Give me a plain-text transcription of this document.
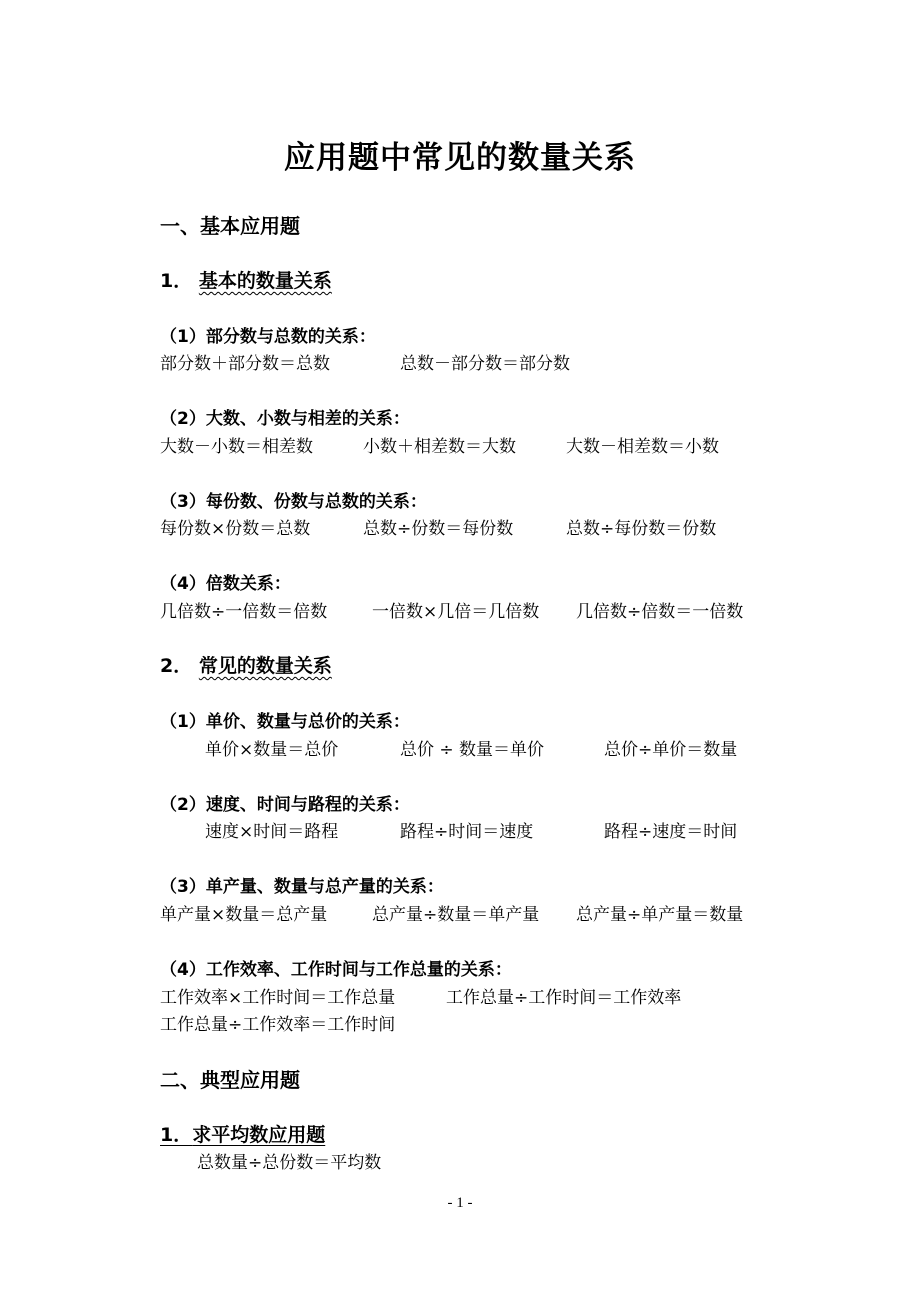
应用题中常见的数量关系
一、基本应用题
1． 基本的数量关系
（1）部分数与总数的关系：
部分数＋部分数＝总数	总数－部分数＝部分数
（2）大数、小数与相差的关系：
大数－小数＝相差数	小数＋相差数＝大数	大数－相差数＝小数
（3）每份数、份数与总数的关系：
每份数×份数＝总数	总数÷份数＝每份数	总数÷每份数＝份数
（4）倍数关系：
几倍数÷一倍数＝倍数	一倍数×几倍＝几倍数 几倍数÷倍数＝一倍数
2． 常见的数量关系
（1）单价、数量与总价的关系：
单价×数量＝总价	总价 ÷ 数量＝单价	总价÷单价＝数量
（2）速度、时间与路程的关系：
速度×时间＝路程	路程÷时间＝速度	路程÷速度＝时间
（3）单产量、数量与总产量的关系：
单产量×数量＝总产量	总产量÷数量＝单产量 总产量÷单产量＝数量
（4）工作效率、工作时间与工作总量的关系：
工作效率×工作时间＝工作总量	工作总量÷工作时间＝工作效率
工作总量÷工作效率＝工作时间
二、典型应用题
1．求平均数应用题
总数量÷总份数＝平均数
- 1 -
